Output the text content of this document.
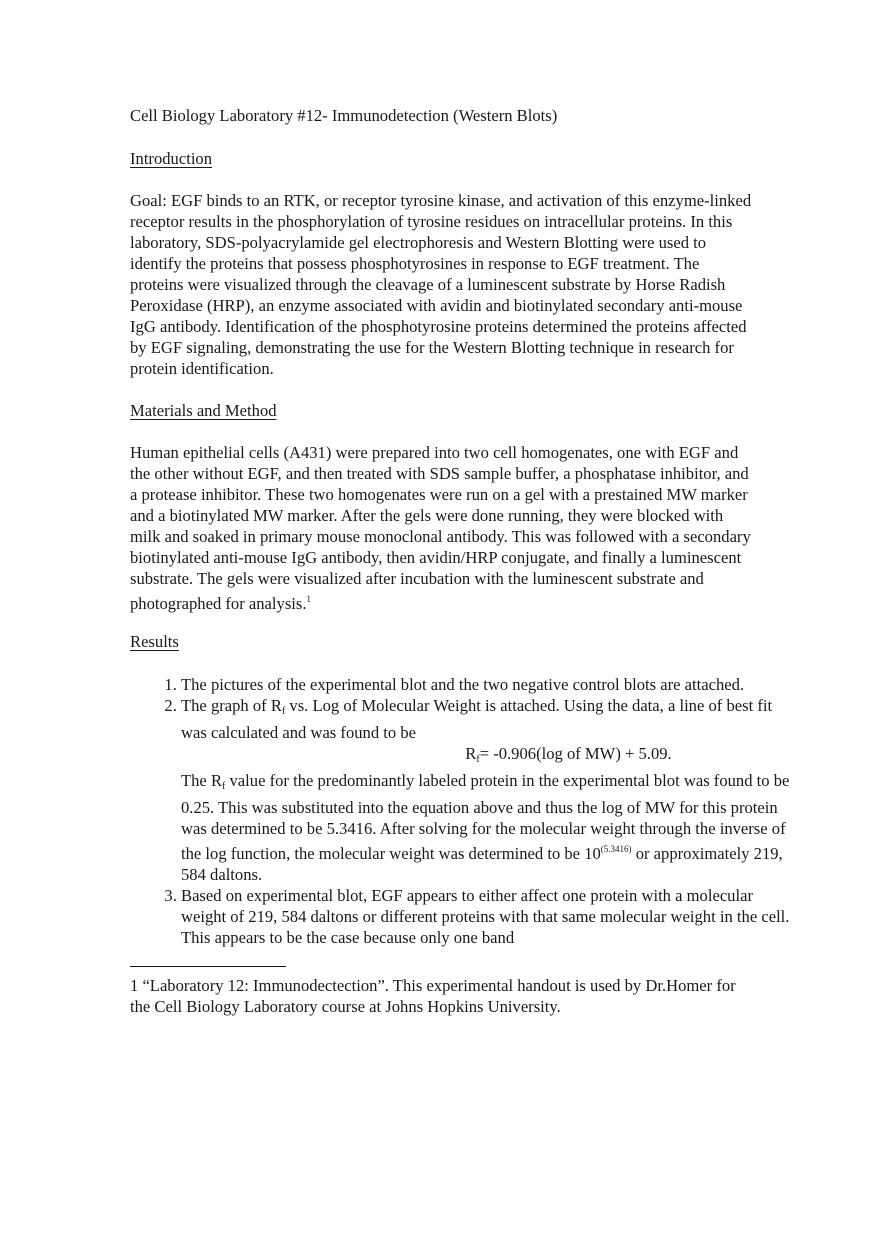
Cell Biology Laboratory #12- Immunodetection (Western Blots)

Introduction

Goal: EGF binds to an RTK, or receptor tyrosine kinase, and activation of this enzyme-linked receptor results in the phosphorylation of tyrosine residues on intracellular proteins. In this laboratory, SDS-polyacrylamide gel electrophoresis and Western Blotting were used to identify the proteins that possess phosphotyrosines in response to EGF treatment. The proteins were visualized through the cleavage of a luminescent substrate by Horse Radish Peroxidase (HRP), an enzyme associated with avidin and biotinylated secondary anti-mouse IgG antibody. Identification of the phosphotyrosine proteins determined the proteins affected by EGF signaling, demonstrating the use for the Western Blotting technique in research for protein identification.

Materials and Method

Human epithelial cells (A431) were prepared into two cell homogenates, one with EGF and the other without EGF, and then treated with SDS sample buffer, a phosphatase inhibitor, and a protease inhibitor. These two homogenates were run on a gel with a prestained MW marker and a biotinylated MW marker. After the gels were done running, they were blocked with milk and soaked in primary mouse monoclonal antibody. This was followed with a secondary biotinylated anti-mouse IgG antibody, then avidin/HRP conjugate, and finally a luminescent substrate. The gels were visualized after incubation with the luminescent substrate and photographed for analysis.$^1$

Results

1. The pictures of the experimental blot and the two negative control blots are attached.
2. The graph of $R_f$ vs. Log of Molecular Weight is attached. Using the data, a line of best fit was calculated and was found to be
$R_f= -0.906(\log$ of MW) + 5.09.
The $R_f$ value for the predominantly labeled protein in the experimental blot was found to be 0.25. This was substituted into the equation above and thus the log of MW for this protein was determined to be 5.3416. After solving for the molecular weight through the inverse of the log function, the molecular weight was determined to be $10^{(5.3416)}$ or approximately 219, 584 daltons.
3. Based on experimental blot, EGF appears to either affect one protein with a molecular weight of 219, 584 daltons or different proteins with that same molecular weight in the cell. This appears to be the case because only one band

1 “Laboratory 12: Immunodectection”. This experimental handout is used by Dr.Homer for the Cell Biology Laboratory course at Johns Hopkins University.
